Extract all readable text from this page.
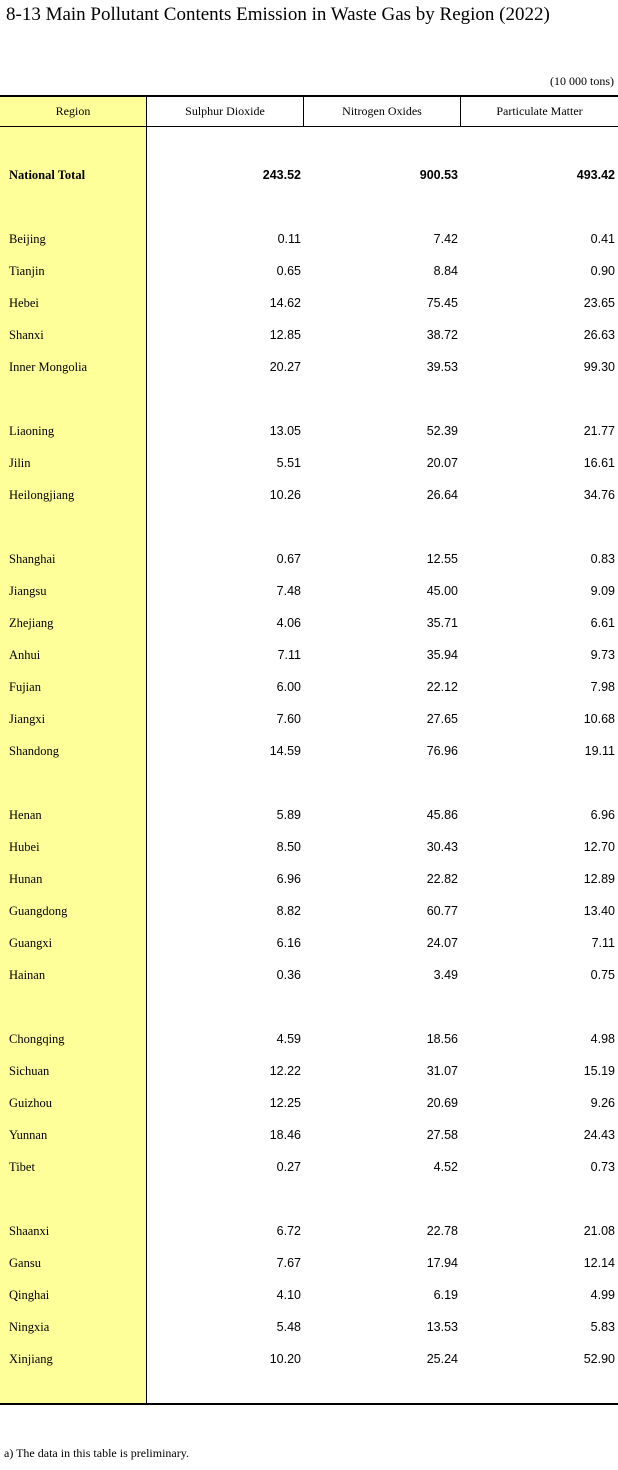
8-13 Main Pollutant Contents Emission in Waste Gas by Region (2022)
(10 000 tons)
Region	Sulphur Dioxide	Nitrogen Oxides	Particulate Matter
National Total	243.52	900.53	493.42
Beijing	0.11	7.42	0.41
Tianjin	0.65	8.84	0.90
Hebei	14.62	75.45	23.65
Shanxi	12.85	38.72	26.63
Inner Mongolia	20.27	39.53	99.30
Liaoning	13.05	52.39	21.77
Jilin	5.51	20.07	16.61
Heilongjiang	10.26	26.64	34.76
Shanghai	0.67	12.55	0.83
Jiangsu	7.48	45.00	9.09
Zhejiang	4.06	35.71	6.61
Anhui	7.11	35.94	9.73
Fujian	6.00	22.12	7.98
Jiangxi	7.60	27.65	10.68
Shandong	14.59	76.96	19.11
Henan	5.89	45.86	6.96
Hubei	8.50	30.43	12.70
Hunan	6.96	22.82	12.89
Guangdong	8.82	60.77	13.40
Guangxi	6.16	24.07	7.11
Hainan	0.36	3.49	0.75
Chongqing	4.59	18.56	4.98
Sichuan	12.22	31.07	15.19
Guizhou	12.25	20.69	9.26
Yunnan	18.46	27.58	24.43
Tibet	0.27	4.52	0.73
Shaanxi	6.72	22.78	21.08
Gansu	7.67	17.94	12.14
Qinghai	4.10	6.19	4.99
Ningxia	5.48	13.53	5.83
Xinjiang	10.20	25.24	52.90
a) The data in this table is preliminary.
